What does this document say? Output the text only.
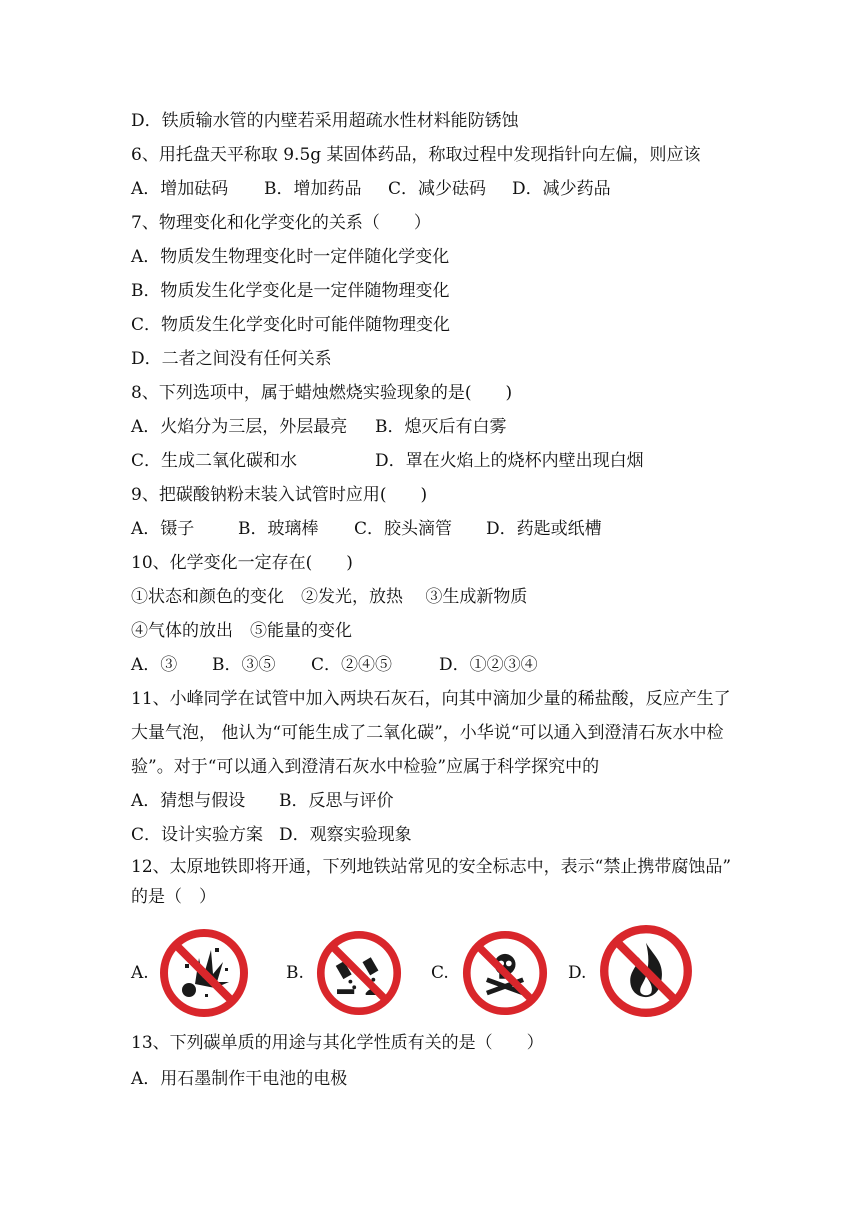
D．铁质输水管的内壁若采用超疏水性材料能防锈蚀
6、用托盘天平称取 9.5g 某固体药品，称取过程中发现指针向左偏，则应该
A．增加砝码 B．增加药品 C．减少砝码 D．减少药品
7、物理变化和化学变化的关系（　　）
A．物质发生物理变化时一定伴随化学变化
B．物质发生化学变化是一定伴随物理变化
C．物质发生化学变化时可能伴随物理变化
D．二者之间没有任何关系
8、下列选项中，属于蜡烛燃烧实验现象的是(　　)
A．火焰分为三层，外层最亮 B．熄灭后有白雾
C．生成二氧化碳和水	D．罩在火焰上的烧杯内壁出现白烟
9、把碳酸钠粉末装入试管时应用(　　)
A．镊子	B．玻璃棒 C．胶头滴管 D．药匙或纸槽
10、化学变化一定存在(　　)
①状态和颜色的变化　②发光，放热　 ③生成新物质
④气体的放出　⑤能量的变化
A．③ B．③⑤ C．②④⑤	D．①②③④
11、小峰同学在试管中加入两块石灰石，向其中滴加少量的稀盐酸，反应产生了
大量气泡， 他认为“可能生成了二氧化碳”，小华说“可以通入到澄清石灰水中检
验”。对于“可以通入到澄清石灰水中检验”应属于科学探究中的
A．猜想与假设 B．反思与评价
C．设计实验方案 D．观察实验现象
12、太原地铁即将开通，下列地铁站常见的安全标志中，表示“禁止携带腐蚀品”
的是（　）
A.	B.	C.	D.
13、下列碳单质的用途与其化学性质有关的是（　　）
A．用石墨制作干电池的电极
